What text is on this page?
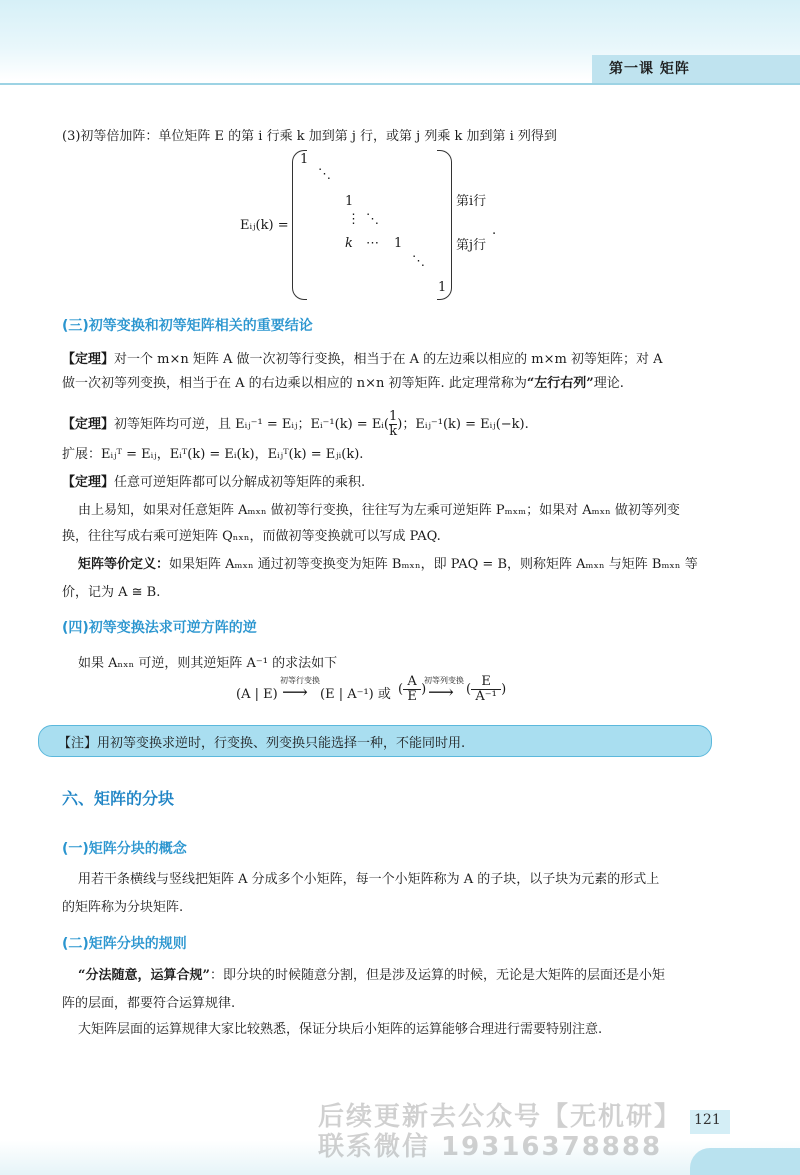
第一课 矩阵
(3)初等倍加阵：单位矩阵 E 的第 i 行乘 k 加到第 j 行，或第 j 列乘 k 加到第 i 列得到
Eᵢⱼ(k) =
1
⋱
1
⋮ ⋱
k ⋯ 1
⋱
1
第i行
第j行
.
(三)初等变换和初等矩阵相关的重要结论
【定理】对一个 m×n 矩阵 A 做一次初等行变换，相当于在 A 的左边乘以相应的 m×m 初等矩阵；对 A
做一次初等列变换，相当于在 A 的右边乘以相应的 n×n 初等矩阵. 此定理常称为“左行右列”理论.
【定理】初等矩阵均可逆，且 Eᵢⱼ⁻¹ = Eᵢⱼ；Eᵢ⁻¹(k) = Eᵢ( $\frac{1}{k}$ )；Eᵢⱼ⁻¹(k) = Eᵢⱼ(−k).
扩展：Eᵢⱼᵀ = Eᵢⱼ，Eᵢᵀ(k) = Eᵢ(k)，Eᵢⱼᵀ(k) = Eⱼᵢ(k).
【定理】任意可逆矩阵都可以分解成初等矩阵的乘积.
由上易知，如果对任意矩阵 Aₘₓₙ 做初等行变换，往往写为左乘可逆矩阵 Pₘₓₘ；如果对 Aₘₓₙ 做初等列变
换，往往写成右乘可逆矩阵 Qₙₓₙ，而做初等变换就可以写成 PAQ.
矩阵等价定义：如果矩阵 Aₘₓₙ 通过初等变换变为矩阵 Bₘₓₙ，即 PAQ = B，则称矩阵 Aₘₓₙ 与矩阵 Bₘₓₙ 等
价，记为 A ≅ B.
(四)初等变换法求可逆方阵的逆
如果 Aₙₓₙ 可逆，则其逆矩阵 A⁻¹ 的求法如下
(A | E)
初等行变换
⟶ (E | A⁻¹) 或 ( $\frac{A}{E}$ )
初等列变换
⟶ ( $\frac{E}{\text{A⁻¹}}$ )
【注】用初等变换求逆时，行变换、列变换只能选择一种，不能同时用.
六、矩阵的分块
(一)矩阵分块的概念
用若干条横线与竖线把矩阵 A 分成多个小矩阵，每一个小矩阵称为 A 的子块，以子块为元素的形式上
的矩阵称为分块矩阵.
(二)矩阵分块的规则
“分法随意，运算合规”：即分块的时候随意分割，但是涉及运算的时候，无论是大矩阵的层面还是小矩
阵的层面，都要符合运算规律.
大矩阵层面的运算规律大家比较熟悉，保证分块后小矩阵的运算能够合理进行需要特别注意.
121
后续更新去公众号【无机研】
联系微信 19316378888
